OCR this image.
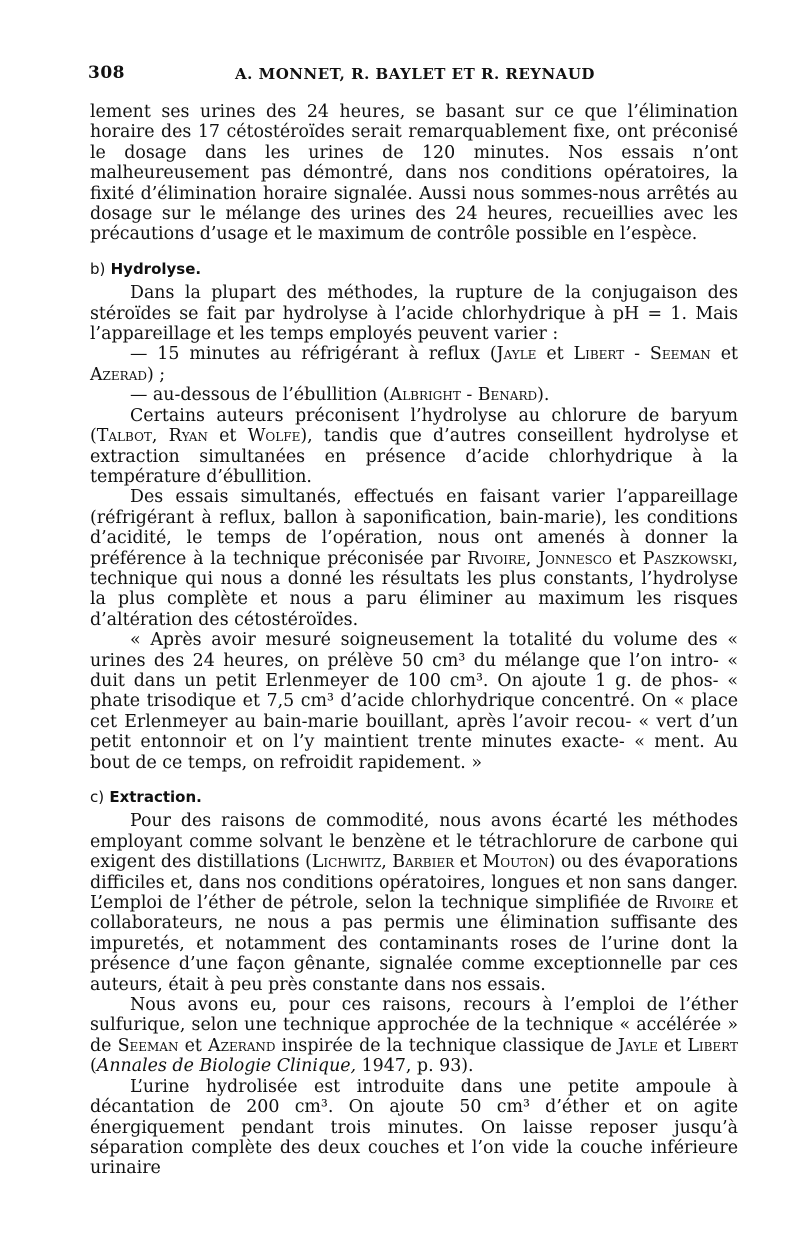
308	A. MONNET, R. BAYLET ET R. REYNAUD

lement ses urines des 24 heures, se basant sur ce que l’élimination horaire des 17 cétostéroïdes serait remarquablement fixe, ont préconisé le dosage dans les urines de 120 minutes. Nos essais n’ont malheureusement pas démontré, dans nos conditions opératoires, la fixité d’élimination horaire signalée. Aussi nous sommes-nous arrêtés au dosage sur le mélange des urines des 24 heures, recueillies avec les précautions d’usage et le maximum de contrôle possible en l’espèce.

b) Hydrolyse.

Dans la plupart des méthodes, la rupture de la conjugaison des stéroïdes se fait par hydrolyse à l’acide chlorhydrique à pH = 1. Mais l’appareillage et les temps employés peuvent varier :

— 15 minutes au réfrigérant à reflux (Jayle et Libert - Seeman et Azerad) ;

— au-dessous de l’ébullition (Albright - Benard).

Certains auteurs préconisent l’hydrolyse au chlorure de baryum (Talbot, Ryan et Wolfe), tandis que d’autres conseillent hydrolyse et extraction simultanées en présence d’acide chlorhydrique à la température d’ébullition.

Des essais simultanés, effectués en faisant varier l’appareillage (réfrigérant à reflux, ballon à saponification, bain-marie), les conditions d’acidité, le temps de l’opération, nous ont amenés à donner la préférence à la technique préconisée par Rivoire, Jonnesco et Paszkowski, technique qui nous a donné les résultats les plus constants, l’hydrolyse la plus complète et nous a paru éliminer au maximum les risques d’altération des cétostéroïdes.

« Après avoir mesuré soigneusement la totalité du volume des « urines des 24 heures, on prélève 50 cm³ du mélange que l’on intro- « duit dans un petit Erlenmeyer de 100 cm³. On ajoute 1 g. de phos- « phate trisodique et 7,5 cm³ d’acide chlorhydrique concentré. On « place cet Erlenmeyer au bain-marie bouillant, après l’avoir recou- « vert d’un petit entonnoir et on l’y maintient trente minutes exacte- « ment. Au bout de ce temps, on refroidit rapidement. »

c) Extraction.

Pour des raisons de commodité, nous avons écarté les méthodes employant comme solvant le benzène et le tétrachlorure de carbone qui exigent des distillations (Lichwitz, Barbier et Mouton) ou des évaporations difficiles et, dans nos conditions opératoires, longues et non sans danger. L’emploi de l’éther de pétrole, selon la technique simplifiée de Rivoire et collaborateurs, ne nous a pas permis une élimination suffisante des impuretés, et notamment des contaminants roses de l’urine dont la présence d’une façon gênante, signalée comme exceptionnelle par ces auteurs, était à peu près constante dans nos essais.

Nous avons eu, pour ces raisons, recours à l’emploi de l’éther sulfurique, selon une technique approchée de la technique « accélérée » de Seeman et Azerand inspirée de la technique classique de Jayle et Libert (Annales de Biologie Clinique, 1947, p. 93).

L’urine hydrolisée est introduite dans une petite ampoule à décantation de 200 cm³. On ajoute 50 cm³ d’éther et on agite énergiquement pendant trois minutes. On laisse reposer jusqu’à séparation complète des deux couches et l’on vide la couche inférieure urinaire
